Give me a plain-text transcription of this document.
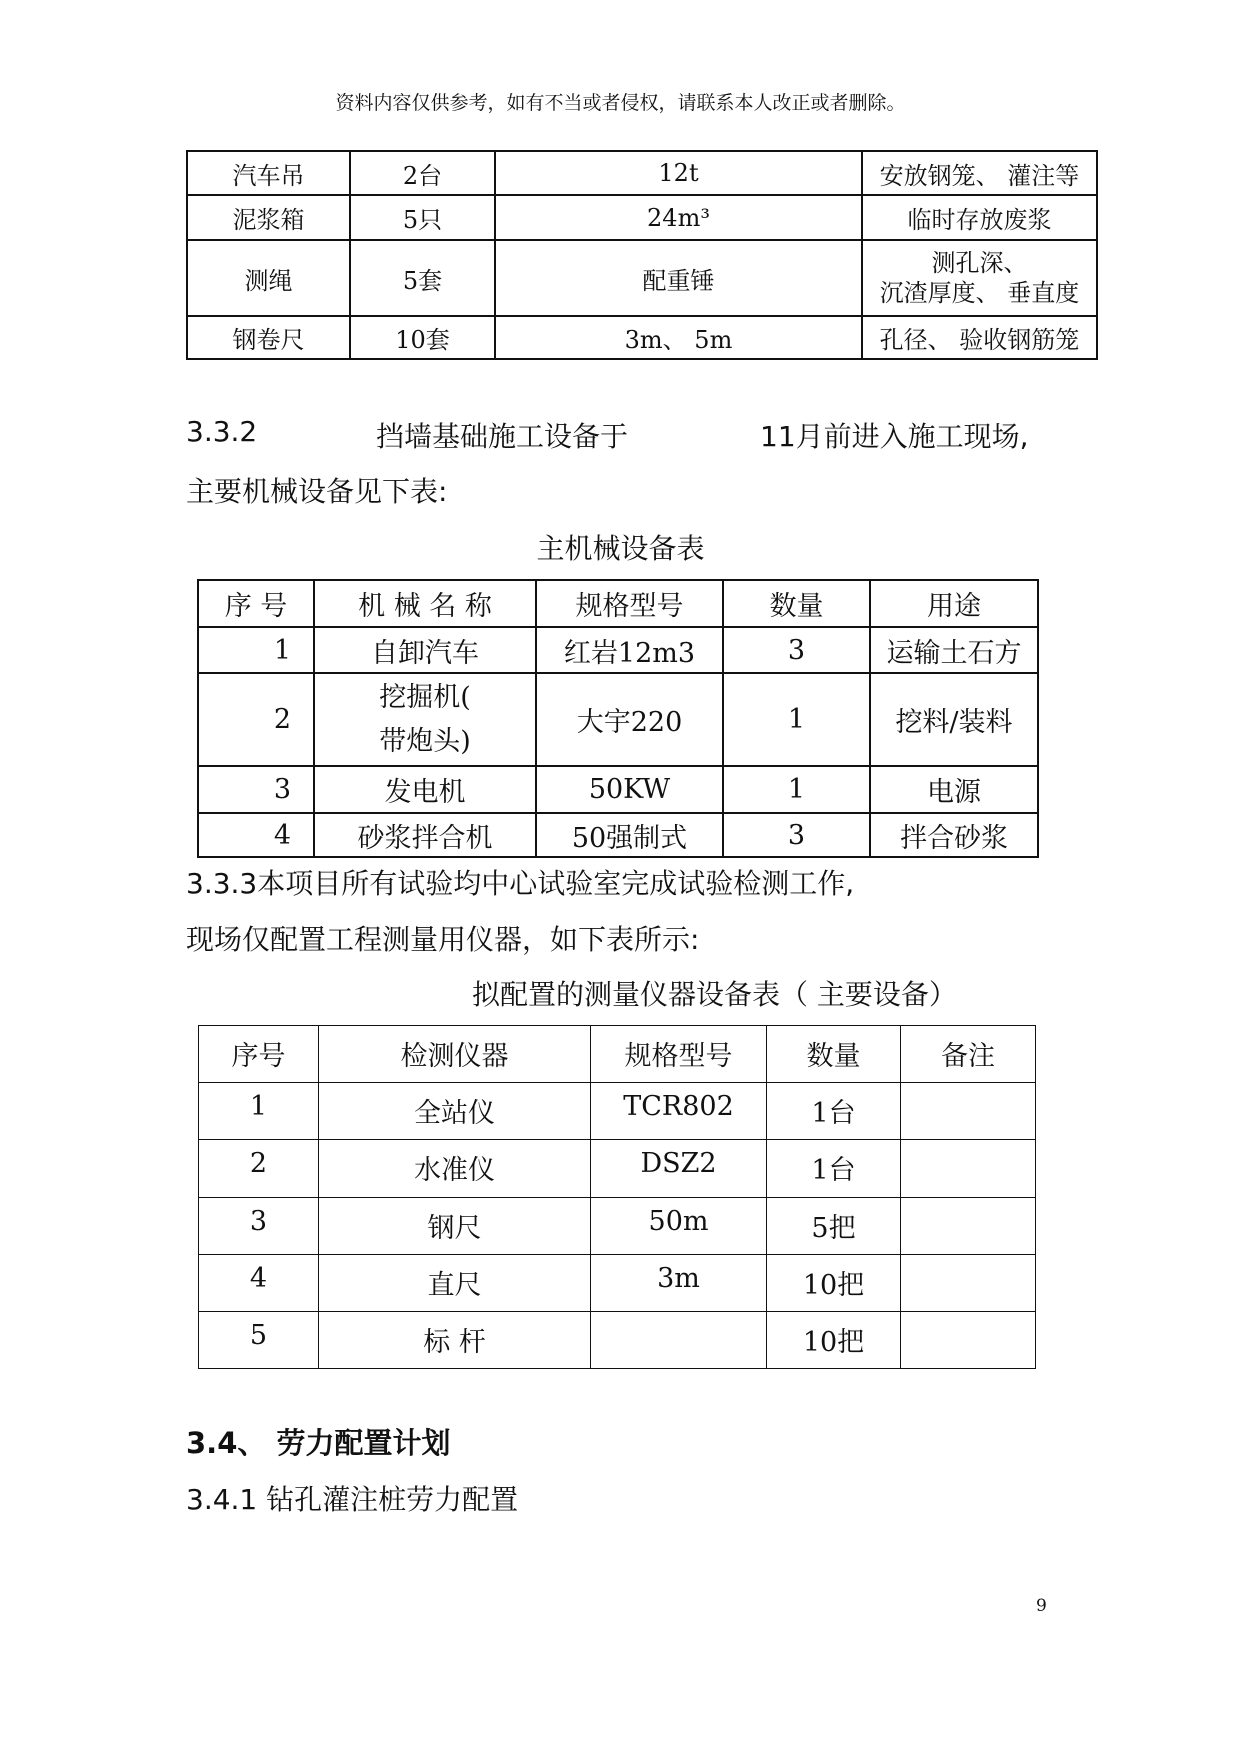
资料内容仅供参考，如有不当或者侵权，请联系本人改正或者删除。
汽车吊	2台	12t	安放钢笼、 灌注等
泥浆箱	5只	24m³	临时存放废浆
测绳	5套	配重锤	测孔深、
沉渣厚度、 垂直度

钢卷尺	10套	3m、 5m	孔径、 验收钢筋笼
3.3.2	挡墙基础施工设备于	11月前进入施工现场,
主要机械设备见下表:
主机械设备表
序 号	机 械 名 称	规格型号	数量	用途
1	自卸汽车	红岩12m3	3	运输土石方
2	挖掘机(
带炮头)	大宇220	1	挖料/装料
3	发电机	50KW	1	电源
4	砂浆拌合机	50强制式	3	拌合砂浆
3.3.3本项目所有试验均中心试验室完成试验检测工作,
现场仅配置工程测量用仪器，如下表所示:
拟配置的测量仪器设备表（ 主要设备）
序号	检测仪器	规格型号	数量	备注
1	全站仪	TCR802	1台	
2	水准仪	DSZ2	1台	
3	钢尺	50m	5把	
4	直尺	3m	10把	
5	标 杆		10把	
3.4、 劳力配置计划
3.4.1 钻孔灌注桩劳力配置
9
